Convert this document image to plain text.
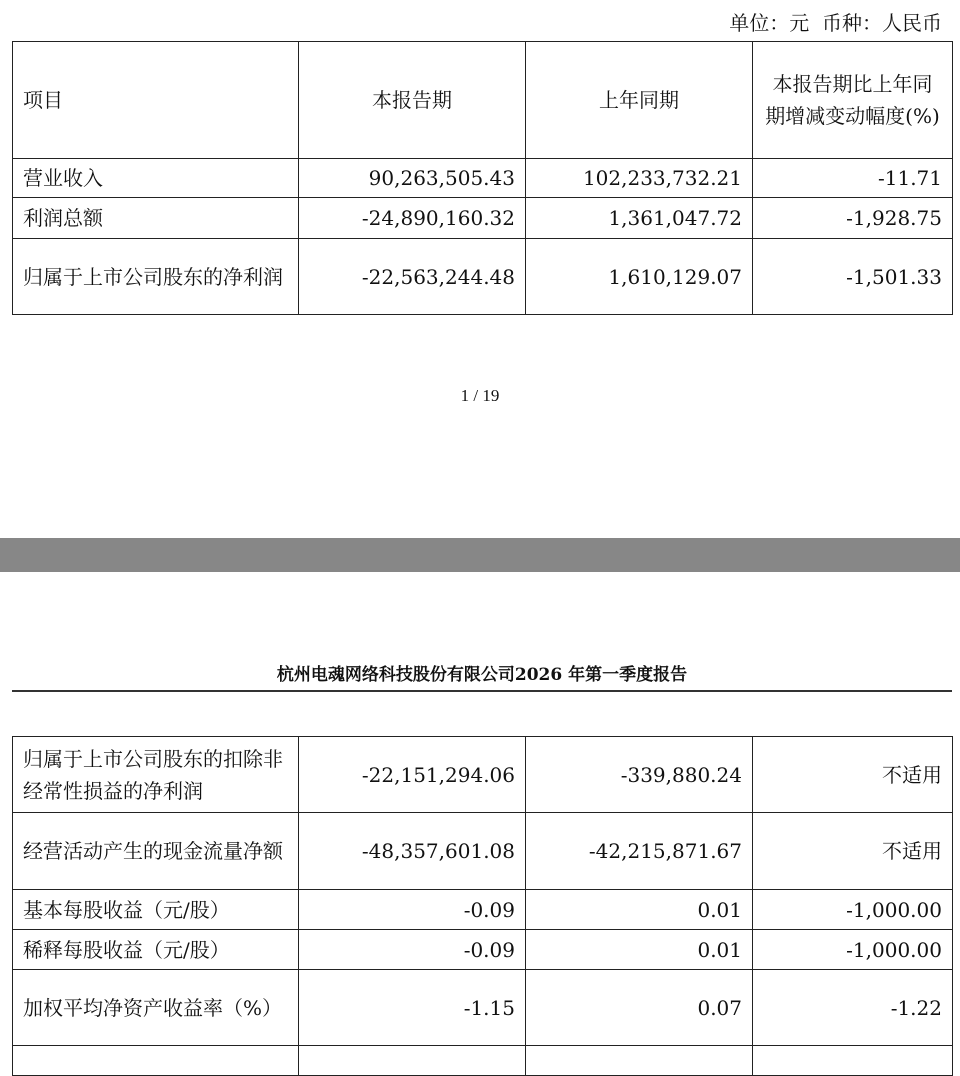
单位：元  币种：人民币
项目	本报告期	上年同期	本报告期比上年同期增减变动幅度(%)
营业收入	90,263,505.43	102,233,732.21	-11.71
利润总额	-24,890,160.32	1,361,047.72	-1,928.75
归属于上市公司股东的净利润	-22,563,244.48	1,610,129.07	-1,501.33
1 / 19
杭州电魂网络科技股份有限公司2026 年第一季度报告
归属于上市公司股东的扣除非经常性损益的净利润	-22,151,294.06	-339,880.24	不适用
经营活动产生的现金流量净额	-48,357,601.08	-42,215,871.67	不适用
基本每股收益（元/股）	-0.09	0.01	-1,000.00
稀释每股收益（元/股）	-0.09	0.01	-1,000.00
加权平均净资产收益率（%）	-1.15	0.07	-1.22
